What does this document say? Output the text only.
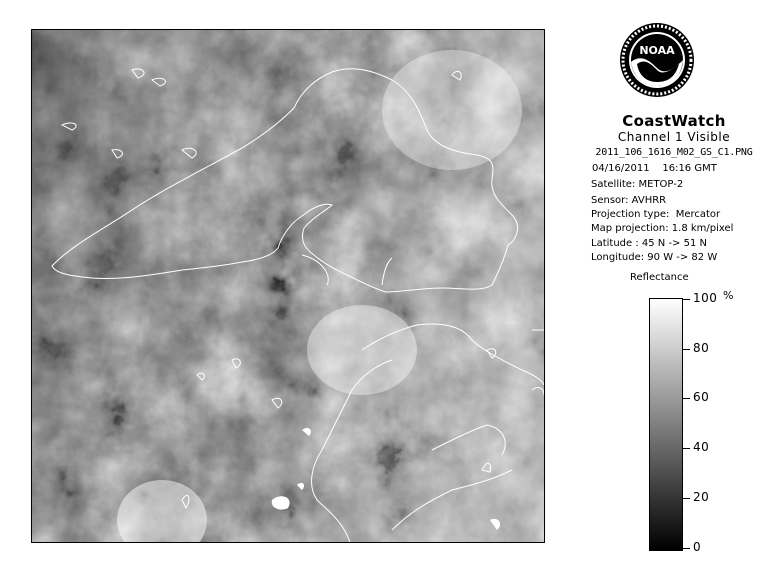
NOAA
CoastWatch
Channel 1 Visible
2011_106_1616_M02_GS_C1.PNG
04/16/2011    16:16 GMT
Satellite: METOP-2
Sensor: AVHRR
Projection type:  Mercator
Map projection: 1.8 km/pixel
Latitude : 45 N -> 51 N
Longitude: 90 W -> 82 W
Reflectance
%
100
80
60
40
20
0
